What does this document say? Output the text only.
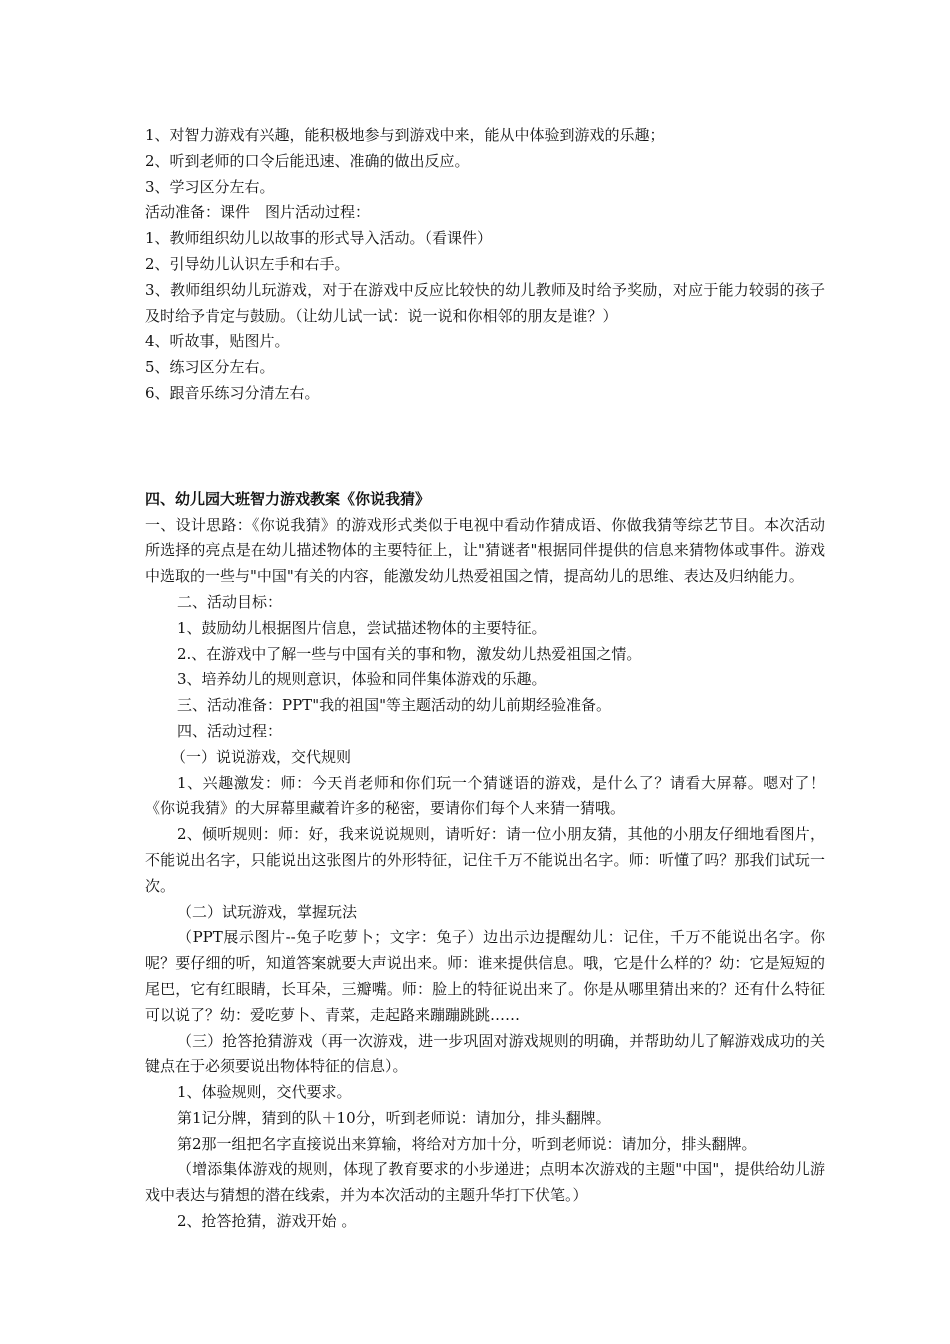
1、对智力游戏有兴趣，能积极地参与到游戏中来，能从中体验到游戏的乐趣；

2、听到老师的口令后能迅速、准确的做出反应。

3、学习区分左右。

活动准备：课件　图片活动过程：

1、教师组织幼儿以故事的形式导入活动。（看课件）

2、引导幼儿认识左手和右手。

3、教师组织幼儿玩游戏，对于在游戏中反应比较快的幼儿教师及时给予奖励，对应于能力较弱的孩子及时给予肯定与鼓励。（让幼儿试一试：说一说和你相邻的朋友是谁？）

4、听故事，贴图片。

5、练习区分左右。

6、跟音乐练习分清左右。

四、幼儿园大班智力游戏教案《你说我猜》

一、设计思路：《你说我猜》的游戏形式类似于电视中看动作猜成语、你做我猜等综艺节目。本次活动所选择的亮点是在幼儿描述物体的主要特征上，让"猜谜者"根据同伴提供的信息来猜物体或事件。游戏中选取的一些与"中国"有关的内容，能激发幼儿热爱祖国之情，提高幼儿的思维、表达及归纳能力。

二、活动目标：

1、鼓励幼儿根据图片信息，尝试描述物体的主要特征。

2.、在游戏中了解一些与中国有关的事和物，激发幼儿热爱祖国之情。

3、培养幼儿的规则意识，体验和同伴集体游戏的乐趣。

三、活动准备：PPT"我的祖国"等主题活动的幼儿前期经验准备。

四、活动过程：

（一）说说游戏，交代规则

1、兴趣激发：师：今天肖老师和你们玩一个猜谜语的游戏，是什么了？请看大屏幕。嗯对了！《你说我猜》的大屏幕里藏着许多的秘密，要请你们每个人来猜一猜哦。

2、倾听规则：师：好，我来说说规则，请听好：请一位小朋友猜，其他的小朋友仔细地看图片，不能说出名字，只能说出这张图片的外形特征，记住千万不能说出名字。师：听懂了吗？那我们试玩一次。

（二）试玩游戏，掌握玩法

（PPT展示图片--兔子吃萝卜；文字：兔子）边出示边提醒幼儿：记住，千万不能说出名字。你呢？要仔细的听，知道答案就要大声说出来。师：谁来提供信息。哦，它是什么样的？幼：它是短短的尾巴，它有红眼睛，长耳朵，三瓣嘴。师：脸上的特征说出来了。你是从哪里猜出来的？还有什么特征可以说了？幼：爱吃萝卜、青菜，走起路来蹦蹦跳跳……

（三）抢答抢猜游戏（再一次游戏，进一步巩固对游戏规则的明确，并帮助幼儿了解游戏成功的关键点在于必须要说出物体特征的信息）。

1、体验规则，交代要求。

第1记分牌，猜到的队＋10分，听到老师说：请加分，排头翻牌。

第2那一组把名字直接说出来算输，将给对方加十分，听到老师说：请加分，排头翻牌。

（增添集体游戏的规则，体现了教育要求的小步递进；点明本次游戏的主题"中国"，提供给幼儿游戏中表达与猜想的潜在线索，并为本次活动的主题升华打下伏笔。）

2、抢答抢猜，游戏开始 。
